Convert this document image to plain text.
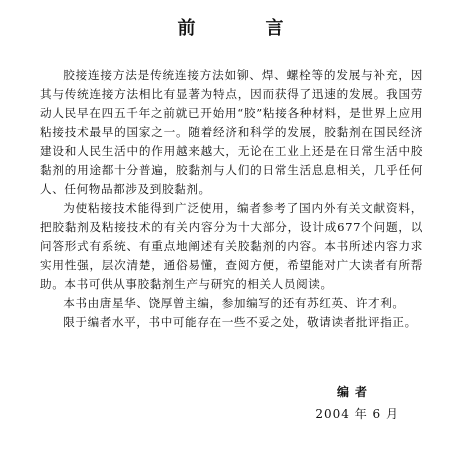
前　言

胶接连接方法是传统连接方法如铆、焊、螺栓等的发展与补充，因其与传统连接方法相比有显著为特点，因而获得了迅速的发展。我国劳动人民早在四五千年之前就已开始用“胶”粘接各种材料，是世界上应用粘接技术最早的国家之一。随着经济和科学的发展，胶黏剂在国民经济建设和人民生活中的作用越来越大，无论在工业上还是在日常生活中胶黏剂的用途都十分普遍，胶黏剂与人们的日常生活息息相关，几乎任何人、任何物品都涉及到胶黏剂。

为使粘接技术能得到广泛使用，编者参考了国内外有关文献资料，把胶黏剂及粘接技术的有关内容分为十大部分，设计成677个问题，以问答形式有系统、有重点地阐述有关胶黏剂的内容。本书所述内容力求实用性强，层次清楚，通俗易懂，查阅方便，希望能对广大读者有所帮助。本书可供从事胶黏剂生产与研究的相关人员阅读。

本书由唐星华、饶厚曾主编，参加编写的还有苏红英、许才利。

限于编者水平，书中可能存在一些不妥之处，敬请读者批评指正。

编者
2004 年 6 月
